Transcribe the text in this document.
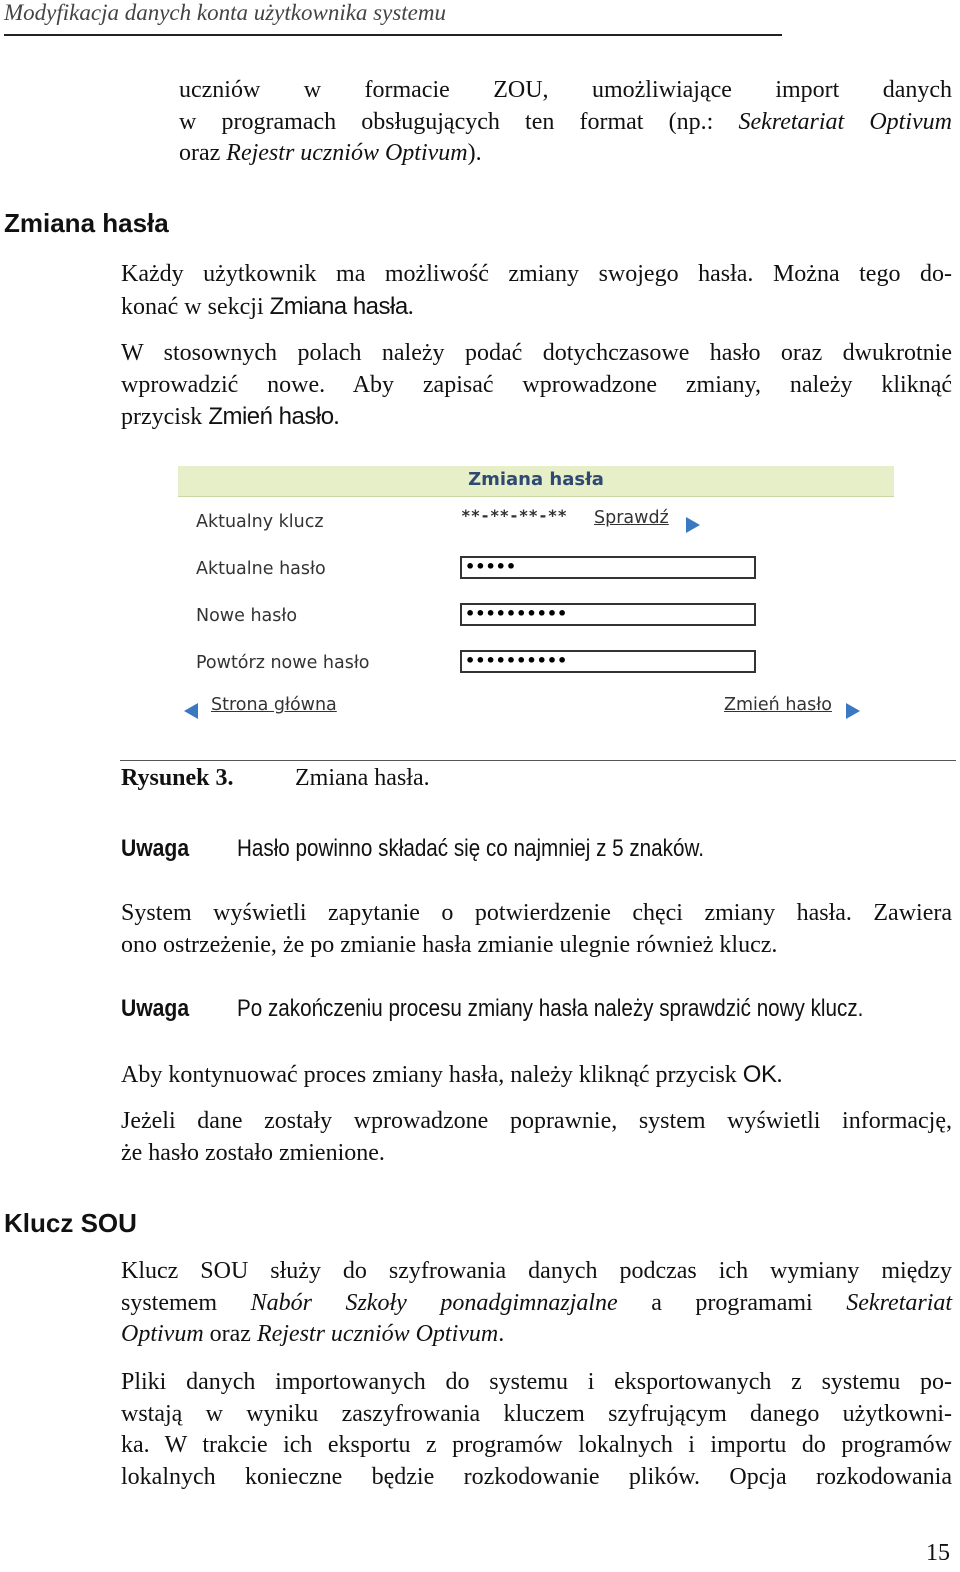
Modyfikacja danych konta użytkownika systemu
uczniów w formacie ZOU, umożliwiające import danych
w programach obsługujących ten format (np.: Sekretariat Optivum
oraz Rejestr uczniów Optivum).
Zmiana hasła
Każdy użytkownik ma możliwość zmiany swojego hasła. Można tego do-
konać w sekcji Zmiana hasła.
W stosownych polach należy podać dotychczasowe hasło oraz dwukrotnie
wprowadzić nowe. Aby zapisać wprowadzone zmiany, należy kliknąć
przycisk Zmień hasło.
Zmiana hasła
Aktualny klucz	**-**-**-** Sprawdź
Aktualne hasło	•••••
Nowe hasło	••••••••••
Powtórz nowe hasło	••••••••••
Strona główna	Zmień hasło
Rysunek 3.	Zmiana hasła.
Uwaga Hasło powinno składać się co najmniej z 5 znaków.
System wyświetli zapytanie o potwierdzenie chęci zmiany hasła. Zawiera
ono ostrzeżenie, że po zmianie hasła zmianie ulegnie również klucz.
Uwaga Po zakończeniu procesu zmiany hasła należy sprawdzić nowy klucz.
Aby kontynuować proces zmiany hasła, należy kliknąć przycisk OK.
Jeżeli dane zostały wprowadzone poprawnie, system wyświetli informację,
że hasło zostało zmienione.
Klucz SOU
Klucz SOU służy do szyfrowania danych podczas ich wymiany między
systemem Nabór Szkoły ponadgimnazjalne a programami Sekretariat
Optivum oraz Rejestr uczniów Optivum.
Pliki danych importowanych do systemu i eksportowanych z systemu po-
wstają w wyniku zaszyfrowania kluczem szyfrującym danego użytkowni-
ka. W trakcie ich eksportu z programów lokalnych i importu do programów
lokalnych konieczne będzie rozkodowanie plików. Opcja rozkodowania
15
